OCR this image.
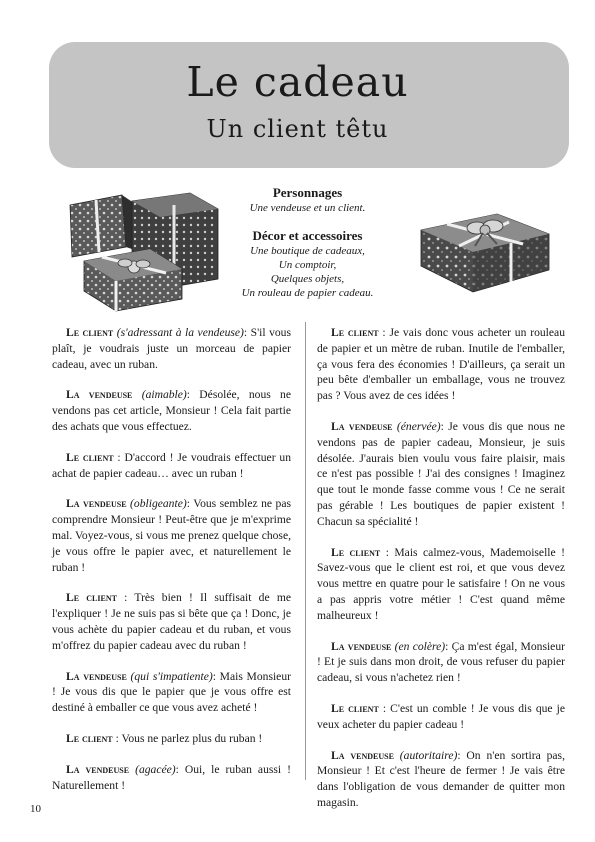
Le cadeau
Un client têtu
Personnages

Une vendeuse et un client.

Décor et accessoires

Une boutique de cadeaux,

Un comptoir,

Quelques objets,

Un rouleau de papier cadeau.

Le client (s'adressant à la vendeuse): S'il vous plaît, je voudrais juste un morceau de papier cadeau, avec un ruban.

La vendeuse (aimable): Désolée, nous ne vendons pas cet article, Monsieur ! Cela fait partie des achats que vous effectuez.

Le client : D'accord ! Je voudrais effectuer un achat de papier cadeau… avec un ruban !

La vendeuse (obligeante): Vous semblez ne pas comprendre Monsieur ! Peut-être que je m'exprime mal. Voyez-vous, si vous me prenez quelque chose, je vous offre le papier avec, et naturellement le ruban !

Le client : Très bien ! Il suffisait de me l'expliquer ! Je ne suis pas si bête que ça ! Donc, je vous achète du papier cadeau et du ruban, et vous m'offrez du papier cadeau avec du ruban !

La vendeuse (qui s'impatiente): Mais Monsieur ! Je vous dis que le papier que je vous offre est destiné à emballer ce que vous avez acheté !

Le client : Vous ne parlez plus du ruban !

La vendeuse (agacée): Oui, le ruban aussi ! Naturellement !

Le client : Je vais donc vous acheter un rouleau de papier et un mètre de ruban. Inutile de l'emballer, ça vous fera des économies ! D'ailleurs, ça serait un peu bête d'emballer un emballage, vous ne trouvez pas ? Vous avez de ces idées !

La vendeuse (énervée): Je vous dis que nous ne vendons pas de papier cadeau, Monsieur, je suis désolée. J'aurais bien voulu vous faire plaisir, mais ce n'est pas possible ! J'ai des consignes ! Imaginez que tout le monde fasse comme vous ! Ce ne serait pas gérable ! Les boutiques de papier existent ! Chacun sa spécialité !

Le client : Mais calmez-vous, Mademoiselle ! Savez-vous que le client est roi, et que vous devez vous mettre en quatre pour le satisfaire ! On ne vous a pas appris votre métier ! C'est quand même malheureux !

La vendeuse (en colère): Ça m'est égal, Monsieur ! Et je suis dans mon droit, de vous refuser du papier cadeau, si vous n'achetez rien !

Le client : C'est un comble ! Je vous dis que je veux acheter du papier cadeau !

La vendeuse (autoritaire): On n'en sortira pas, Monsieur ! Et c'est l'heure de fermer ! Je vais être dans l'obligation de vous demander de quitter mon magasin.

10
